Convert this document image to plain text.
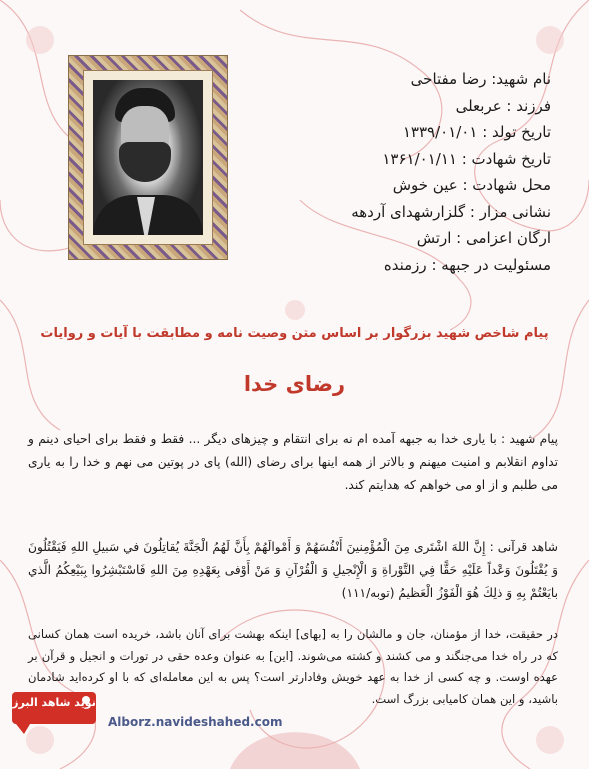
نام شهید: رضا مفتاحی
فرزند : عربعلی
تاریخ تولد : ۱۳۳۹/۰۱/۰۱
تاریخ شهادت : ۱۳۶۱/۰۱/۱۱
محل شهادت : عین خوش
نشانی مزار : گلزارشهدای آردهه
ارگان اعزامی : ارتش
مسئولیت در جبهه : رزمنده
پیام شاخص شهید بزرگوار بر اساس متن وصیت نامه و مطابقت با آیات و روایات
رضای خدا
پیام شهید : با یاری خدا به جبهه آمده ام نه برای انتقام و چیزهای دیگر ... فقط و فقط برای احیای دینم و تداوم انقلابم و امنیت میهنم و بالاتر از همه اینها برای رضای (الله) پای در پوتین می نهم و خدا را به یاری می طلبم و از او می خواهم که هدایتم کند.
شاهد قرآنی : إِنَّ اللهَ اشْتَرى مِنَ الْمُؤْمِنينَ أَنْفُسَهُمْ وَ أَمْوالَهُمْ بِأَنَّ لَهُمُ الْجَنَّةَ يُقاتِلُونَ في سَبيلِ اللهِ فَيَقْتُلُونَ وَ يُقْتَلُونَ وَعْداً عَلَيْهِ حَقًّا فِي التَّوْراةِ وَ الْإِنْجيلِ وَ الْقُرْآنِ وَ مَنْ أَوْفى بِعَهْدِهِ مِنَ اللهِ فَاسْتَبْشِرُوا بِبَيْعِكُمُ الَّذي بايَعْتُمْ بِهِ وَ ذلِكَ هُوَ الْفَوْزُ الْعَظيمُ (توبه/۱۱۱)
در حقیقت، خدا از مؤمنان، جان و مالشان را به [بهای] اینکه بهشت برای آنان باشد، خریده است همان کسانی که در راه خدا می‌جنگند و می کشند و کشته می‌شوند. [این] به عنوان وعده حقی در تورات و انجیل و قرآن بر عهده اوست. و چه کسی از خدا به عهد خویش وفادارتر است؟ پس به این معامله‌ای که با او کرده‌اید شادمان باشید، و این همان کامیابی بزرگ است.
نوید شاهد البرز
Alborz.navideshahed.com
